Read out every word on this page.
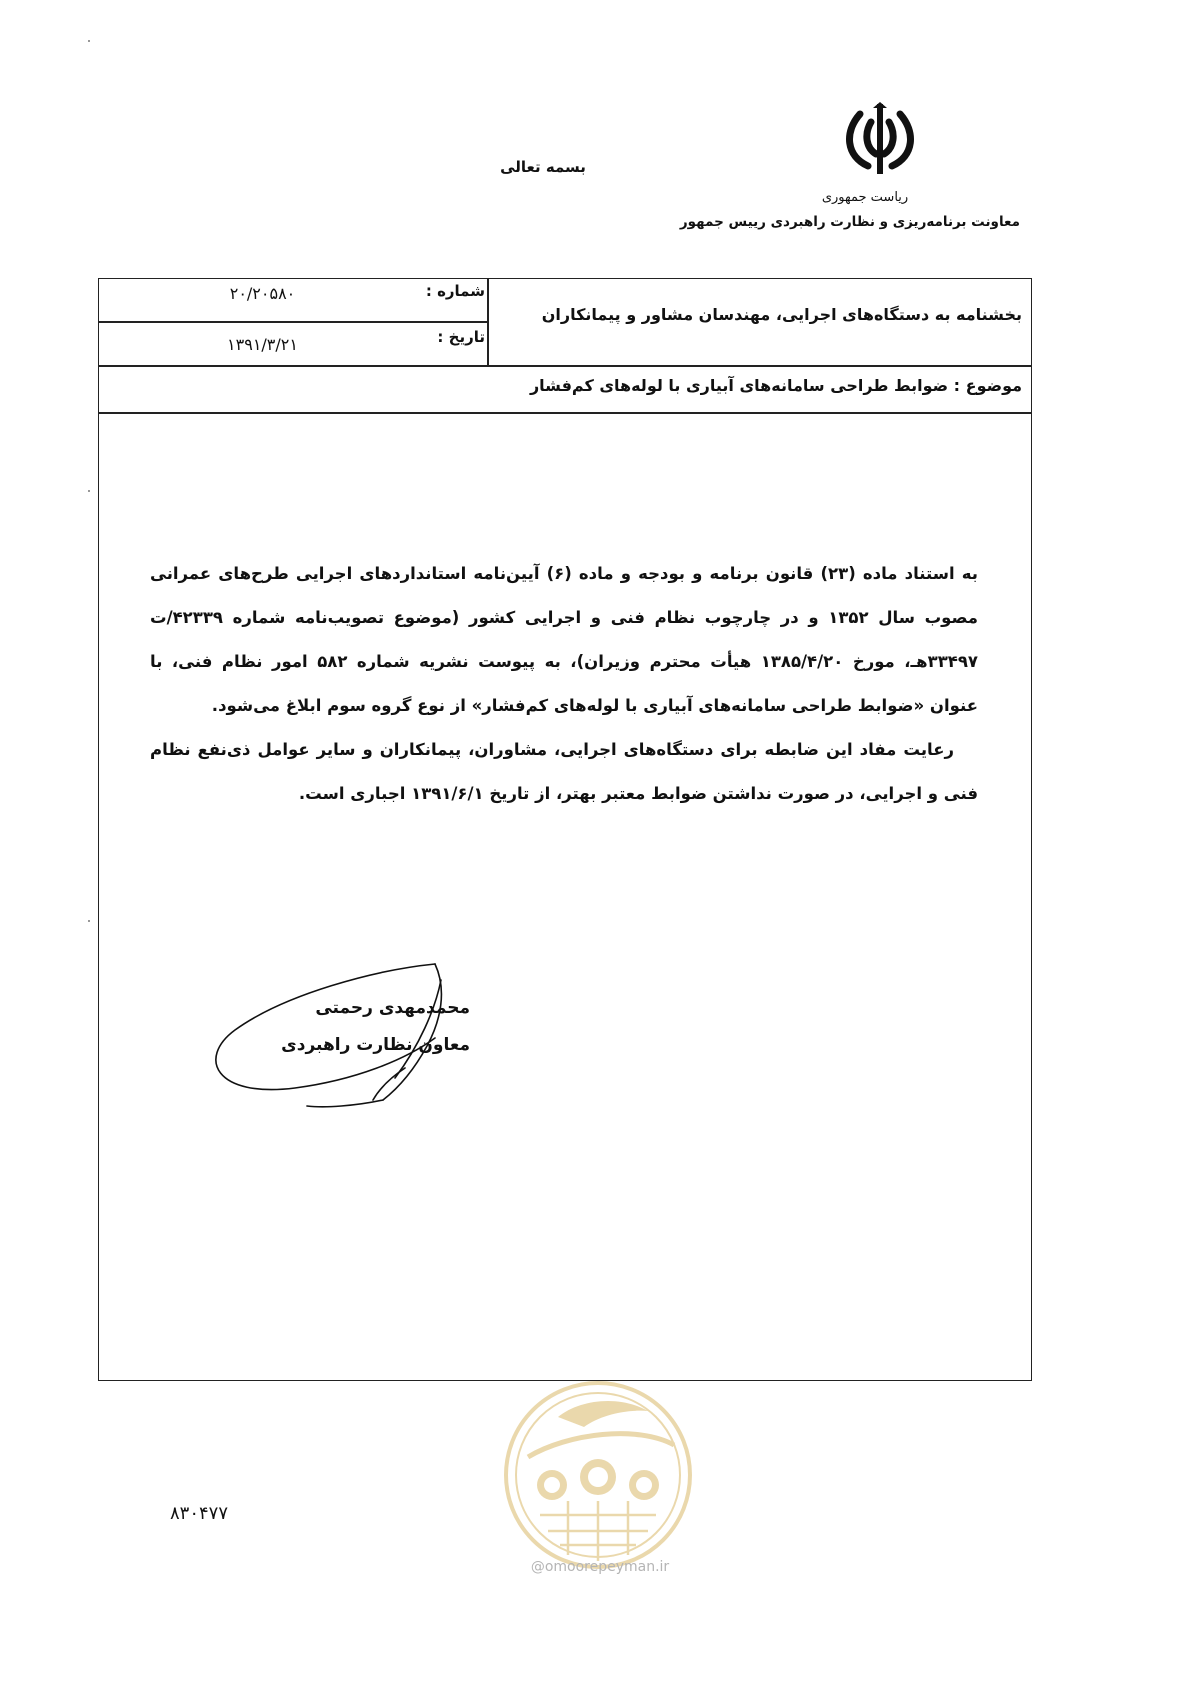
بسمه تعالی
ریاست جمهوری
معاونت برنامه‌ریزی و نظارت راهبردی رییس جمهور
شماره :
۲۰/۲۰۵۸۰
تاریخ :
۱۳۹۱/۳/۲۱
بخشنامه به دستگاه‌های اجرایی، مهندسان مشاور و پیمانکاران
موضوع : ضوابط طراحی سامانه‌های آبیاری با لوله‌های کم‌فشار

به استناد ماده (۲۳) قانون برنامه و بودجه و ماده (۶) آیین‌نامه استانداردهای اجرایی طرح‌های عمرانی مصوب سال ۱۳۵۲ و در چارچوب نظام فنی و اجرایی کشور (موضوع تصویب‌نامه شماره ۴۲۳۳۹/ت ۳۳۴۹۷هـ، مورخ ۱۳۸۵/۴/۲۰ هیأت محترم وزیران)، به پیوست نشریه شماره ۵۸۲ امور نظام فنی، با عنوان «ضوابط طراحی سامانه‌های آبیاری با لوله‌های کم‌فشار» از نوع گروه سوم ابلاغ می‌شود.

رعایت مفاد این ضابطه برای دستگاه‌های اجرایی، مشاوران، پیمانکاران و سایر عوامل ذی‌نفع نظام فنی و اجرایی، در صورت نداشتن ضوابط معتبر بهتر، از تاریخ ۱۳۹۱/۶/۱ اجباری است.

محمدمهدی رحمتی
معاون نظارت راهبردی
۸۳۰۴۷۷
@omoorepeyman.ir
